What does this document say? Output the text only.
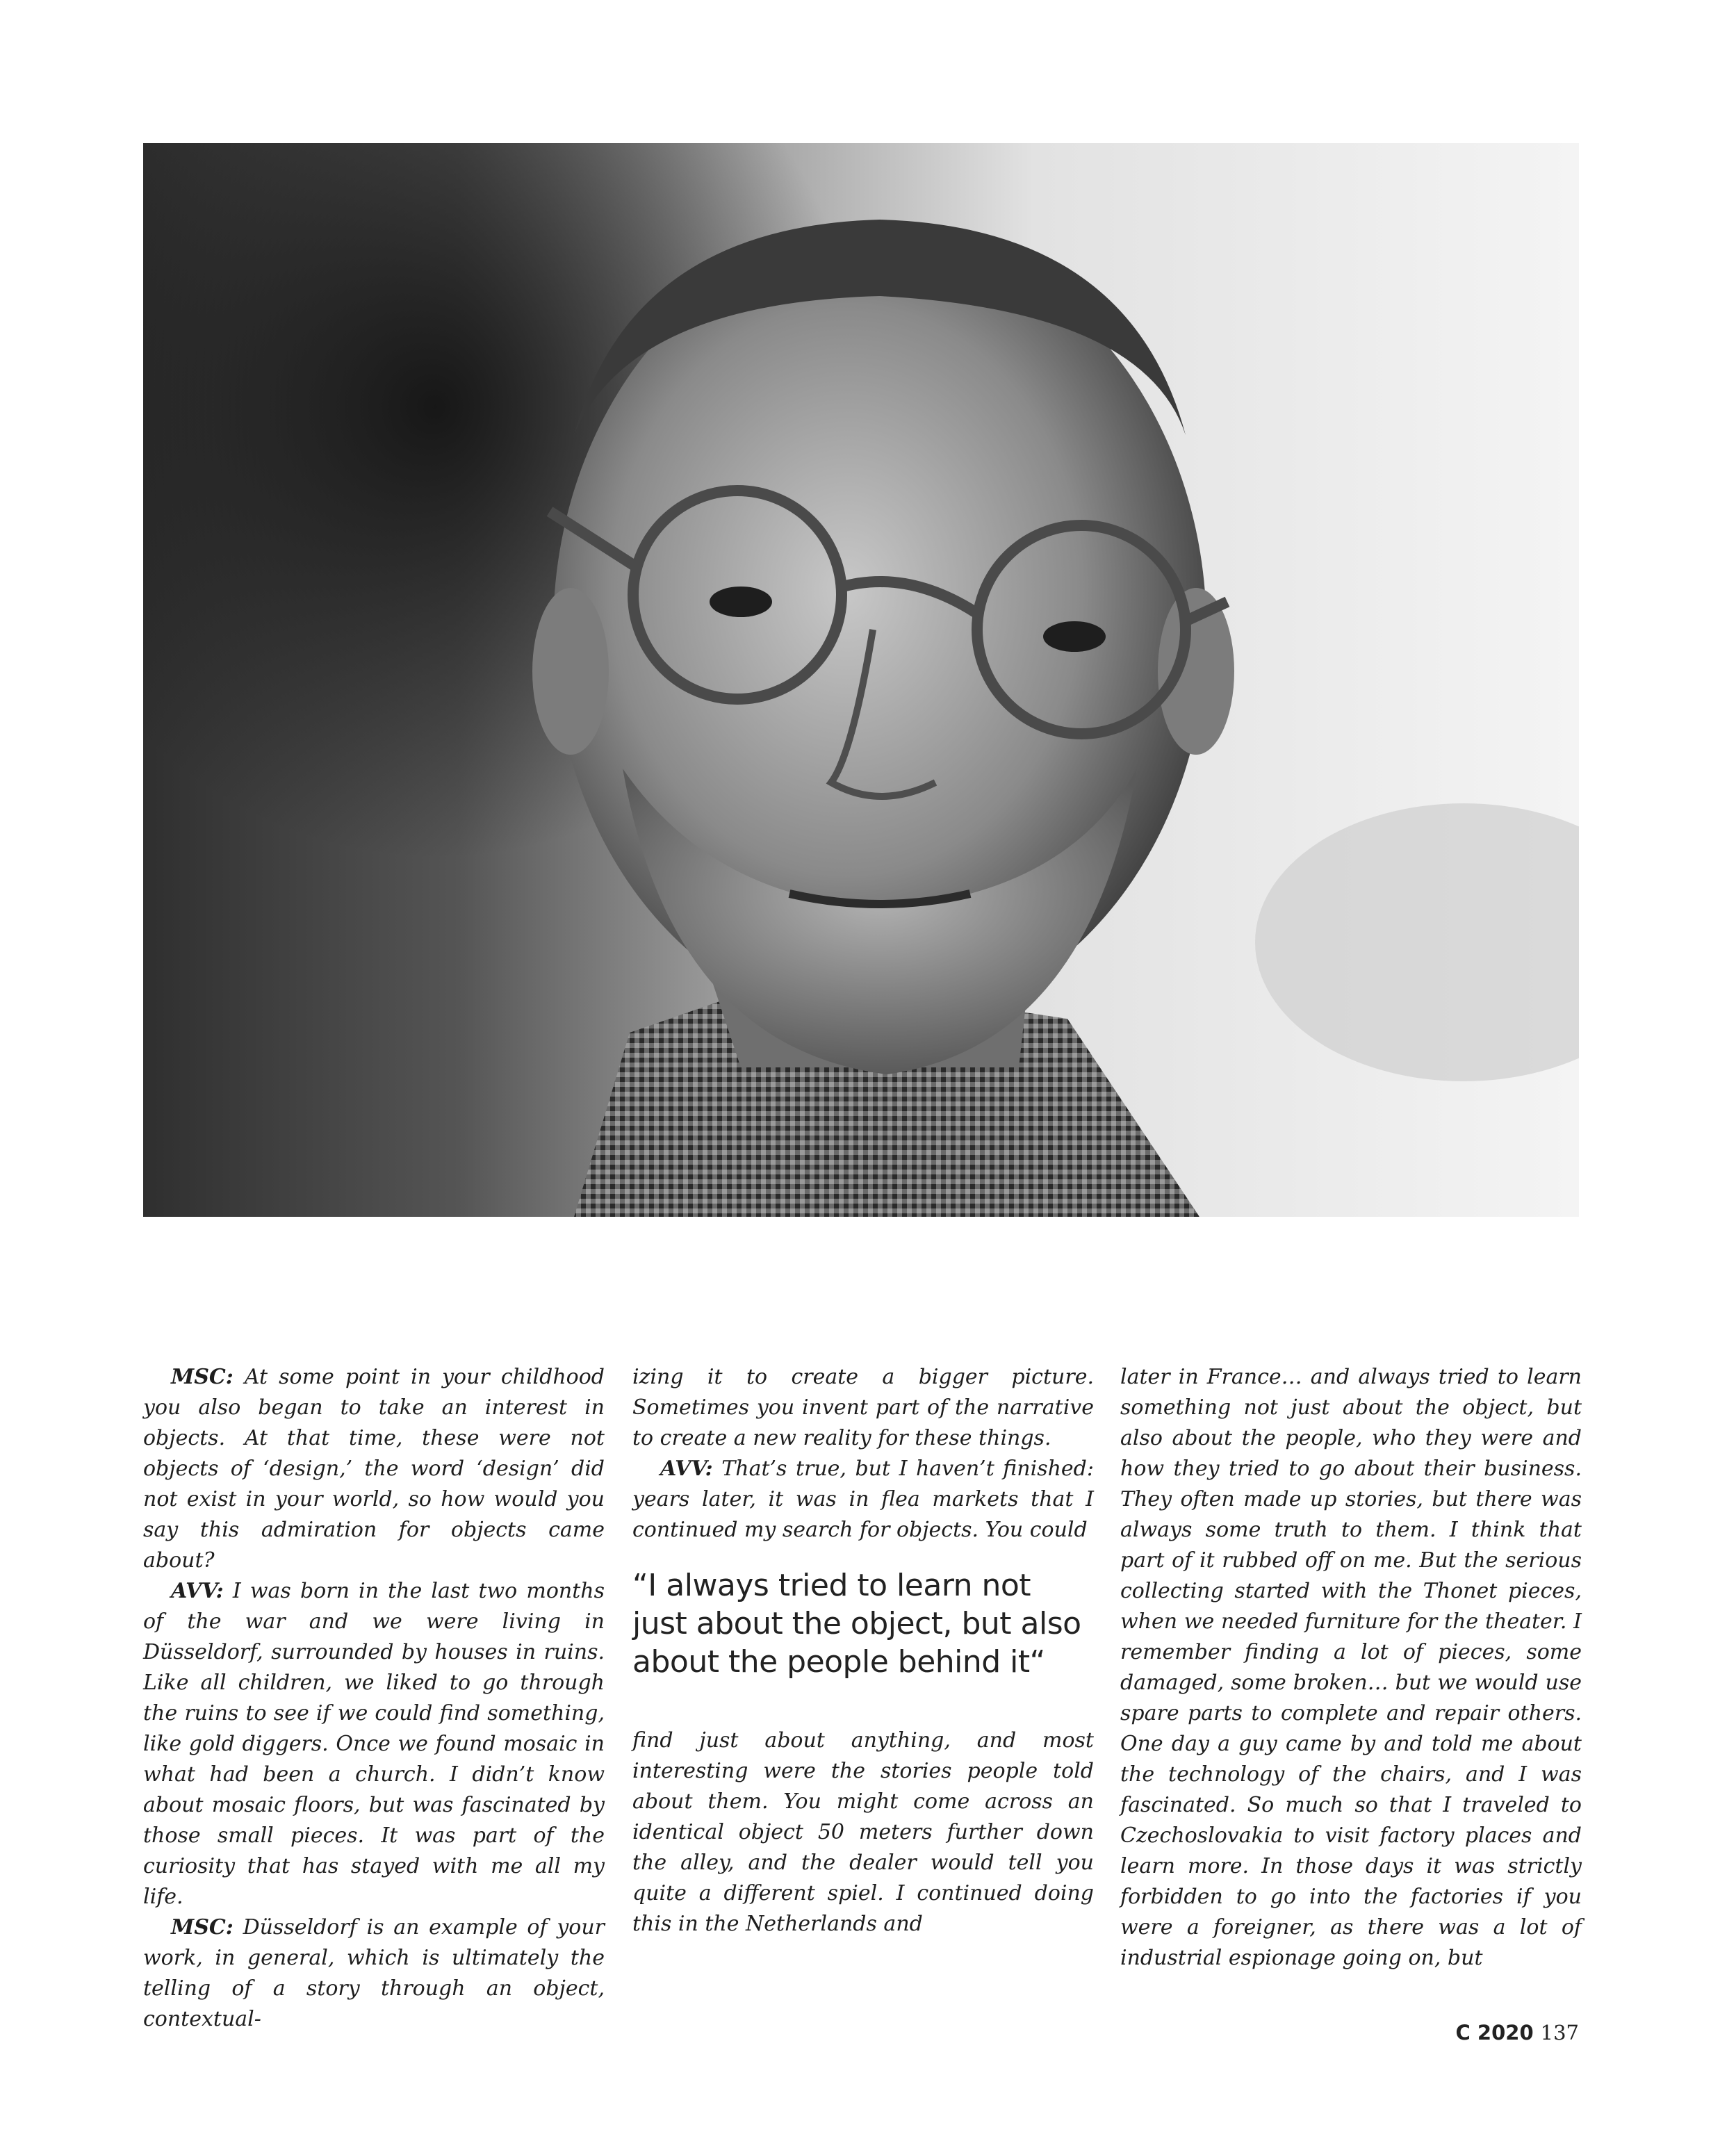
MSC: At some point in your childhood you also began to take an interest in objects. At that time, these were not objects of ‘design,’ the word ‘design’ did not exist in your world, so how would you say this admiration for objects came about?

AVV: I was born in the last two months of the war and we were living in Düsseldorf, surrounded by houses in ruins. Like all children, we liked to go through the ruins to see if we could find something, like gold diggers. Once we found mosaic in what had been a church. I didn’t know about mosaic floors, but was fascinated by those small pieces. It was part of the curiosity that has stayed with me all my life.

MSC: Düsseldorf is an example of your work, in general, which is ultimately the telling of a story through an object, contextual-

izing it to create a bigger picture. Sometimes you invent part of the narrative to create a new reality for these things.

AVV: That’s true, but I haven’t finished: years later, it was in flea markets that I continued my search for objects. You could

“I always tried to learn not just about the object, but also about the people behind it“

find just about anything, and most interesting were the stories people told about them. You might come across an identical object 50 meters further down the alley, and the dealer would tell you quite a different spiel. I continued doing this in the Netherlands and

later in France… and always tried to learn something not just about the object, but also about the people, who they were and how they tried to go about their business. They often made up stories, but there was always some truth to them. I think that part of it rubbed off on me. But the serious collecting started with the Thonet pieces, when we needed furniture for the theater. I remember finding a lot of pieces, some damaged, some broken… but we would use spare parts to complete and repair others. One day a guy came by and told me about the technology of the chairs, and I was fascinated. So much so that I traveled to Czechoslovakia to visit factory places and learn more. In those days it was strictly forbidden to go into the factories if you were a foreigner, as there was a lot of industrial espionage going on, but

C 2020 137
